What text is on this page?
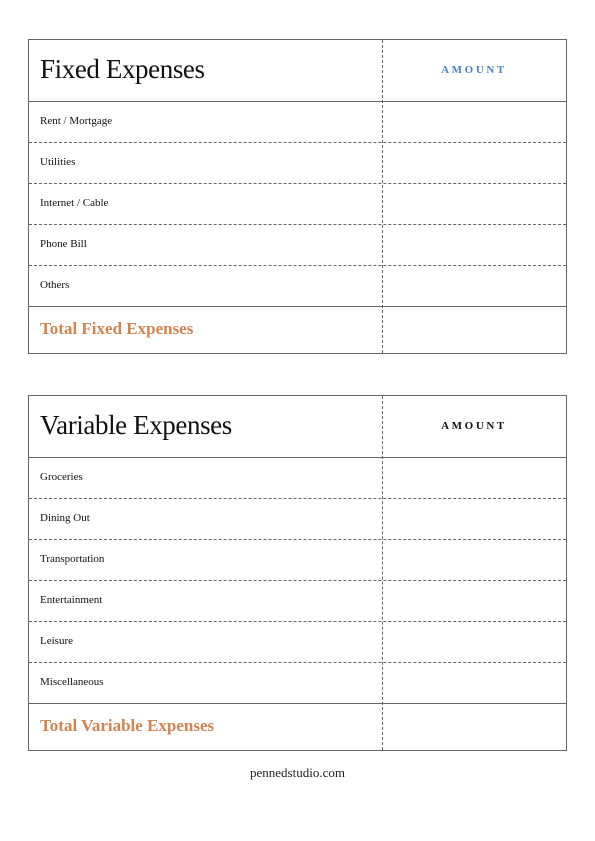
Fixed Expenses	AMOUNT
Rent / Mortgage
Utilities
Internet / Cable
Phone Bill
Others
Total Fixed Expenses
Variable Expenses	AMOUNT
Groceries
Dining Out
Transportation
Entertainment
Leisure
Miscellaneous
Total Variable Expenses
pennedstudio.com
